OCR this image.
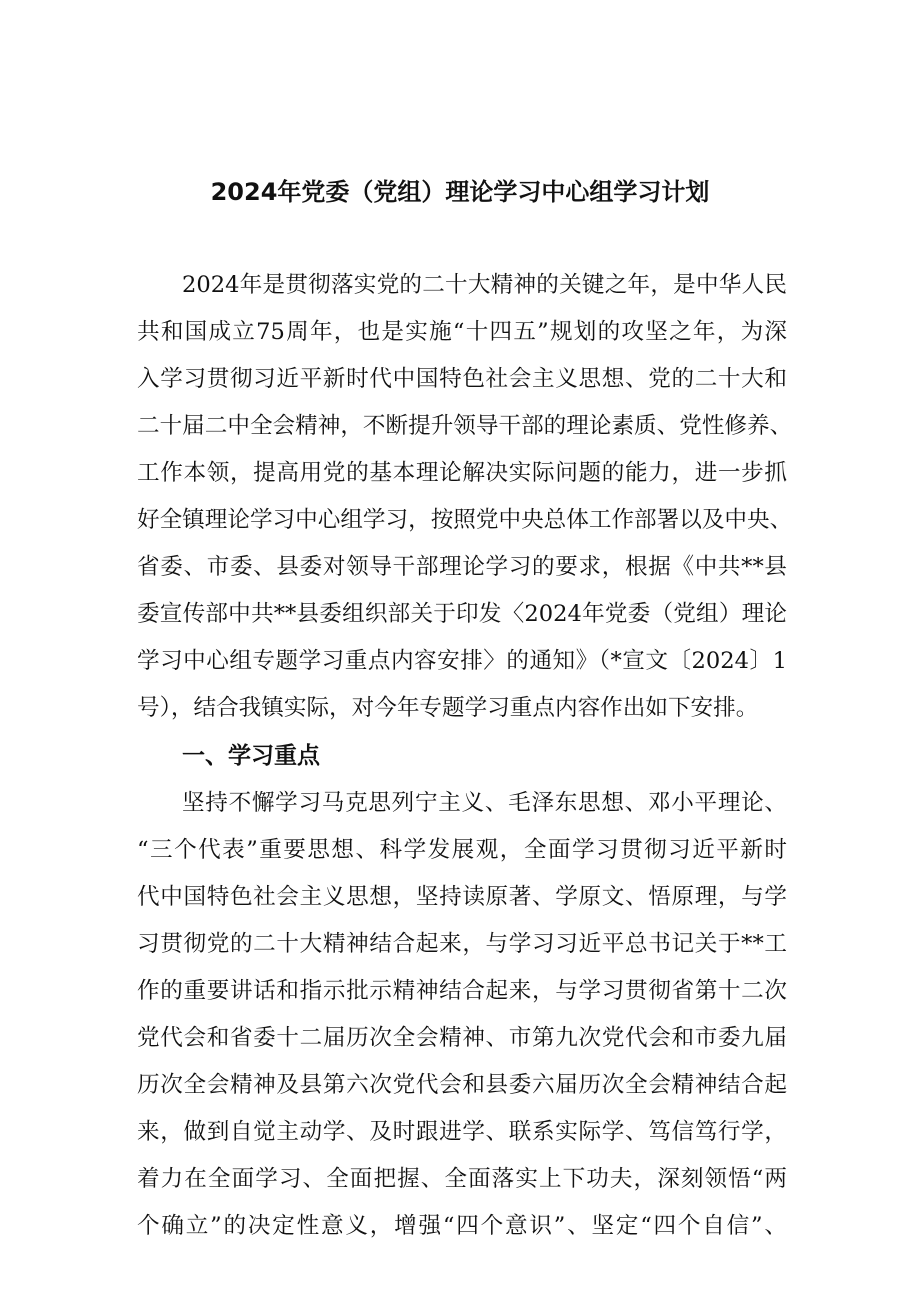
2024年党委（党组）理论学习中心组学习计划

2024年是贯彻落实党的二十大精神的关键之年，是中华人民

共和国成立75周年，也是实施“十四五”规划的攻坚之年，为深

入学习贯彻习近平新时代中国特色社会主义思想、党的二十大和

二十届二中全会精神，不断提升领导干部的理论素质、党性修养、

工作本领，提高用党的基本理论解决实际问题的能力，进一步抓

好全镇理论学习中心组学习，按照党中央总体工作部署以及中央、

省委、市委、县委对领导干部理论学习的要求，根据《中共**县

委宣传部中共**县委组织部关于印发〈2024年党委（党组）理论

学习中心组专题学习重点内容安排〉的通知》（*宣文〔2024〕1

号），结合我镇实际，对今年专题学习重点内容作出如下安排。

一、学习重点

坚持不懈学习马克思列宁主义、毛泽东思想、邓小平理论、

“三个代表”重要思想、科学发展观，全面学习贯彻习近平新时

代中国特色社会主义思想，坚持读原著、学原文、悟原理，与学

习贯彻党的二十大精神结合起来，与学习习近平总书记关于**工

作的重要讲话和指示批示精神结合起来，与学习贯彻省第十二次

党代会和省委十二届历次全会精神、市第九次党代会和市委九届

历次全会精神及县第六次党代会和县委六届历次全会精神结合起

来，做到自觉主动学、及时跟进学、联系实际学、笃信笃行学，

着力在全面学习、全面把握、全面落实上下功夫，深刻领悟“两

个确立”的决定性意义，增强“四个意识”、坚定“四个自信”、
